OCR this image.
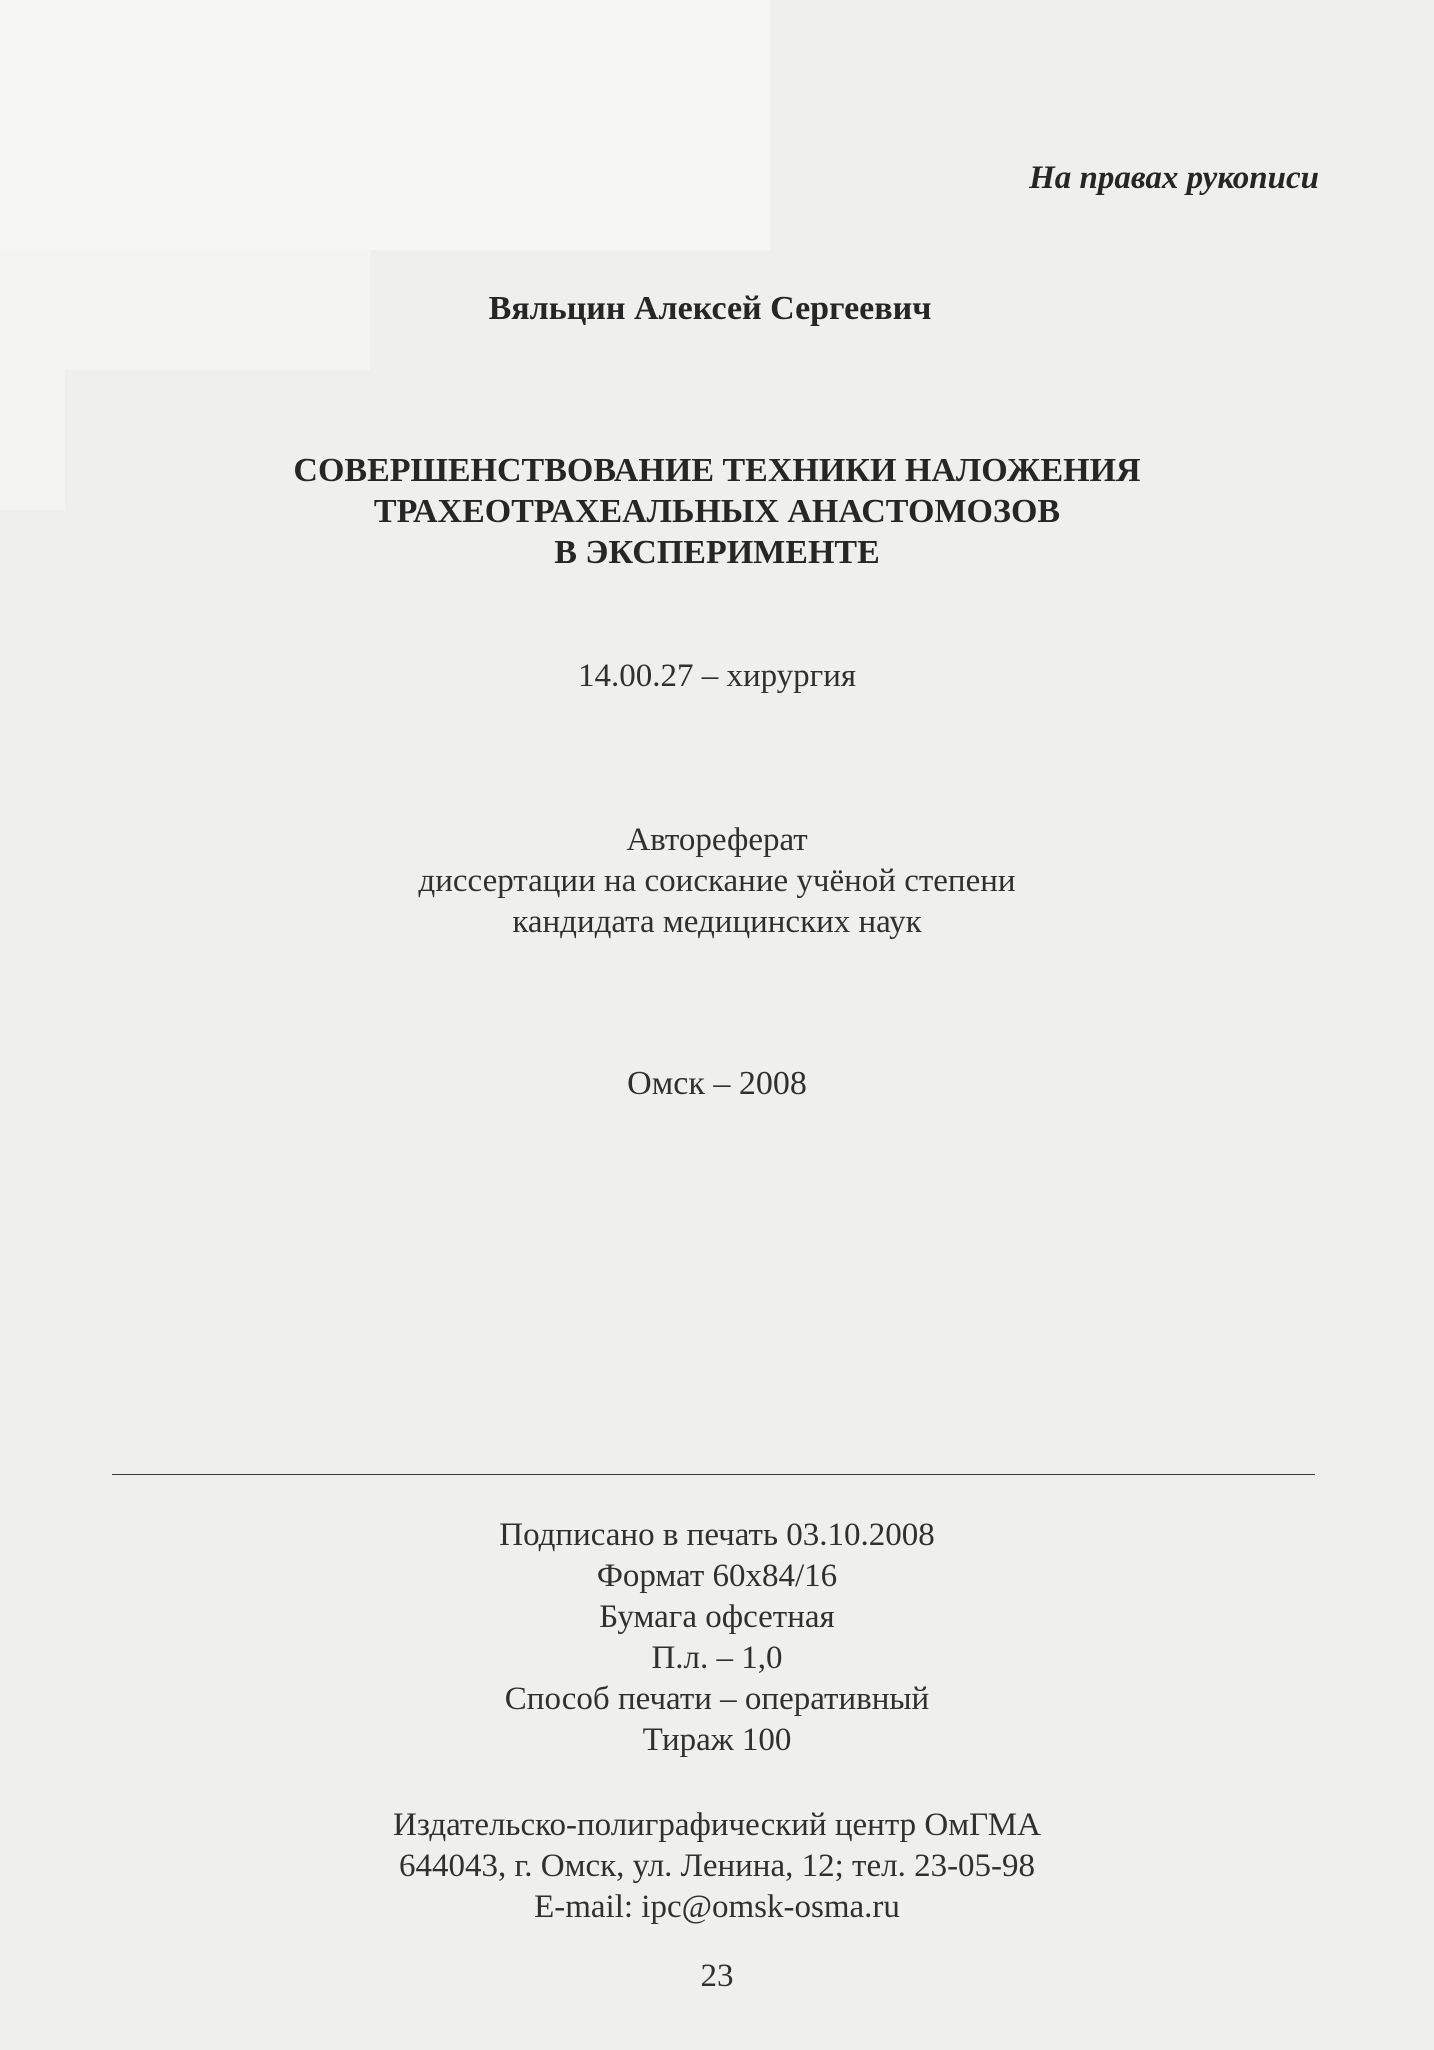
На правах рукописи
Вяльцин Алексей Сергеевич
СОВЕРШЕНСТВОВАНИЕ ТЕХНИКИ НАЛОЖЕНИЯ
ТРАХЕОТРАХЕАЛЬНЫХ АНАСТОМОЗОВ
В ЭКСПЕРИМЕНТЕ
14.00.27 – хирургия
Автореферат
диссертации на соискание учёной степени
кандидата медицинских наук
Омск – 2008
Подписано в печать 03.10.2008
Формат 60х84/16
Бумага офсетная
П.л. – 1,0
Способ печати – оперативный
Тираж 100
Издательско-полиграфический центр ОмГМА
644043, г. Омск, ул. Ленина, 12; тел. 23-05-98
E-mail: ipc@omsk-osma.ru
23
